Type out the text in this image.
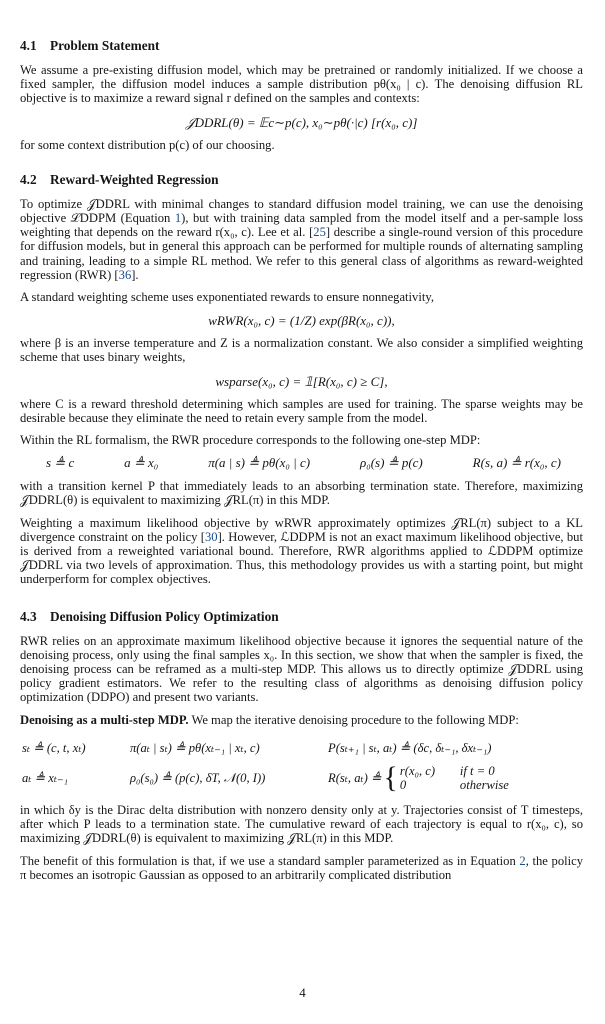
4.1 Problem Statement

We assume a pre-existing diffusion model, which may be pretrained or randomly initialized. If we choose a fixed sampler, the diffusion model induces a sample distribution pθ(x₀ | c). The denoising diffusion RL objective is to maximize a reward signal r defined on the samples and contexts:

𝒥DDRL(θ) = 𝔼c∼p(c), x₀∼pθ(·|c) [r(x₀, c)]

for some context distribution p(c) of our choosing.

4.2 Reward-Weighted Regression

To optimize 𝒥DDRL with minimal changes to standard diffusion model training, we can use the denoising objective ℒDDPM (Equation 1), but with training data sampled from the model itself and a per-sample loss weighting that depends on the reward r(x₀, c). Lee et al. [25] describe a single-round version of this procedure for diffusion models, but in general this approach can be performed for multiple rounds of alternating sampling and training, leading to a simple RL method. We refer to this general class of algorithms as reward-weighted regression (RWR) [36].

A standard weighting scheme uses exponentiated rewards to ensure nonnegativity,

wRWR(x₀, c) = (1/Z) exp(βR(x₀, c)),

where β is an inverse temperature and Z is a normalization constant. We also consider a simplified weighting scheme that uses binary weights,

wsparse(x₀, c) = 𝟙[R(x₀, c) ≥ C],

where C is a reward threshold determining which samples are used for training. The sparse weights may be desirable because they eliminate the need to retain every sample from the model.

Within the RL formalism, the RWR procedure corresponds to the following one-step MDP:

s ≜ c	a ≜ x₀	π(a | s) ≜ pθ(x₀ | c)	ρ₀(s) ≜ p(c)	R(s, a) ≜ r(x₀, c)

with a transition kernel P that immediately leads to an absorbing termination state. Therefore, maximizing 𝒥DDRL(θ) is equivalent to maximizing 𝒥RL(π) in this MDP.

Weighting a maximum likelihood objective by wRWR approximately optimizes 𝒥RL(π) subject to a KL divergence constraint on the policy [30]. However, ℒDDPM is not an exact maximum likelihood objective, but is derived from a reweighted variational bound. Therefore, RWR algorithms applied to ℒDDPM optimize 𝒥DDRL via two levels of approximation. Thus, this methodology provides us with a starting point, but might underperform for complex objectives.

4.3 Denoising Diffusion Policy Optimization

RWR relies on an approximate maximum likelihood objective because it ignores the sequential nature of the denoising process, only using the final samples x₀. In this section, we show that when the sampler is fixed, the denoising process can be reframed as a multi-step MDP. This allows us to directly optimize 𝒥DDRL using policy gradient estimators. We refer to the resulting class of algorithms as denoising diffusion policy optimization (DDPO) and present two variants.

Denoising as a multi-step MDP. We map the iterative denoising procedure to the following MDP:

sₜ ≜ (c, t, xₜ)	π(aₜ | sₜ) ≜ pθ(xₜ₋₁ | xₜ, c)	P(sₜ₊₁ | sₜ, aₜ) ≜ (δc, δₜ₋₁, δxₜ₋₁)
aₜ ≜ xₜ₋₁	ρ₀(s₀) ≜ (p(c), δT, 𝒩(0, I))	R(sₜ, aₜ) ≜ { r(x₀, c) if t = 0
0	otherwise

in which δy is the Dirac delta distribution with nonzero density only at y. Trajectories consist of T timesteps, after which P leads to a termination state. The cumulative reward of each trajectory is equal to r(x₀, c), so maximizing 𝒥DDRL(θ) is equivalent to maximizing 𝒥RL(π) in this MDP.

The benefit of this formulation is that, if we use a standard sampler parameterized as in Equation 2, the policy π becomes an isotropic Gaussian as opposed to an arbitrarily complicated distribution

4
